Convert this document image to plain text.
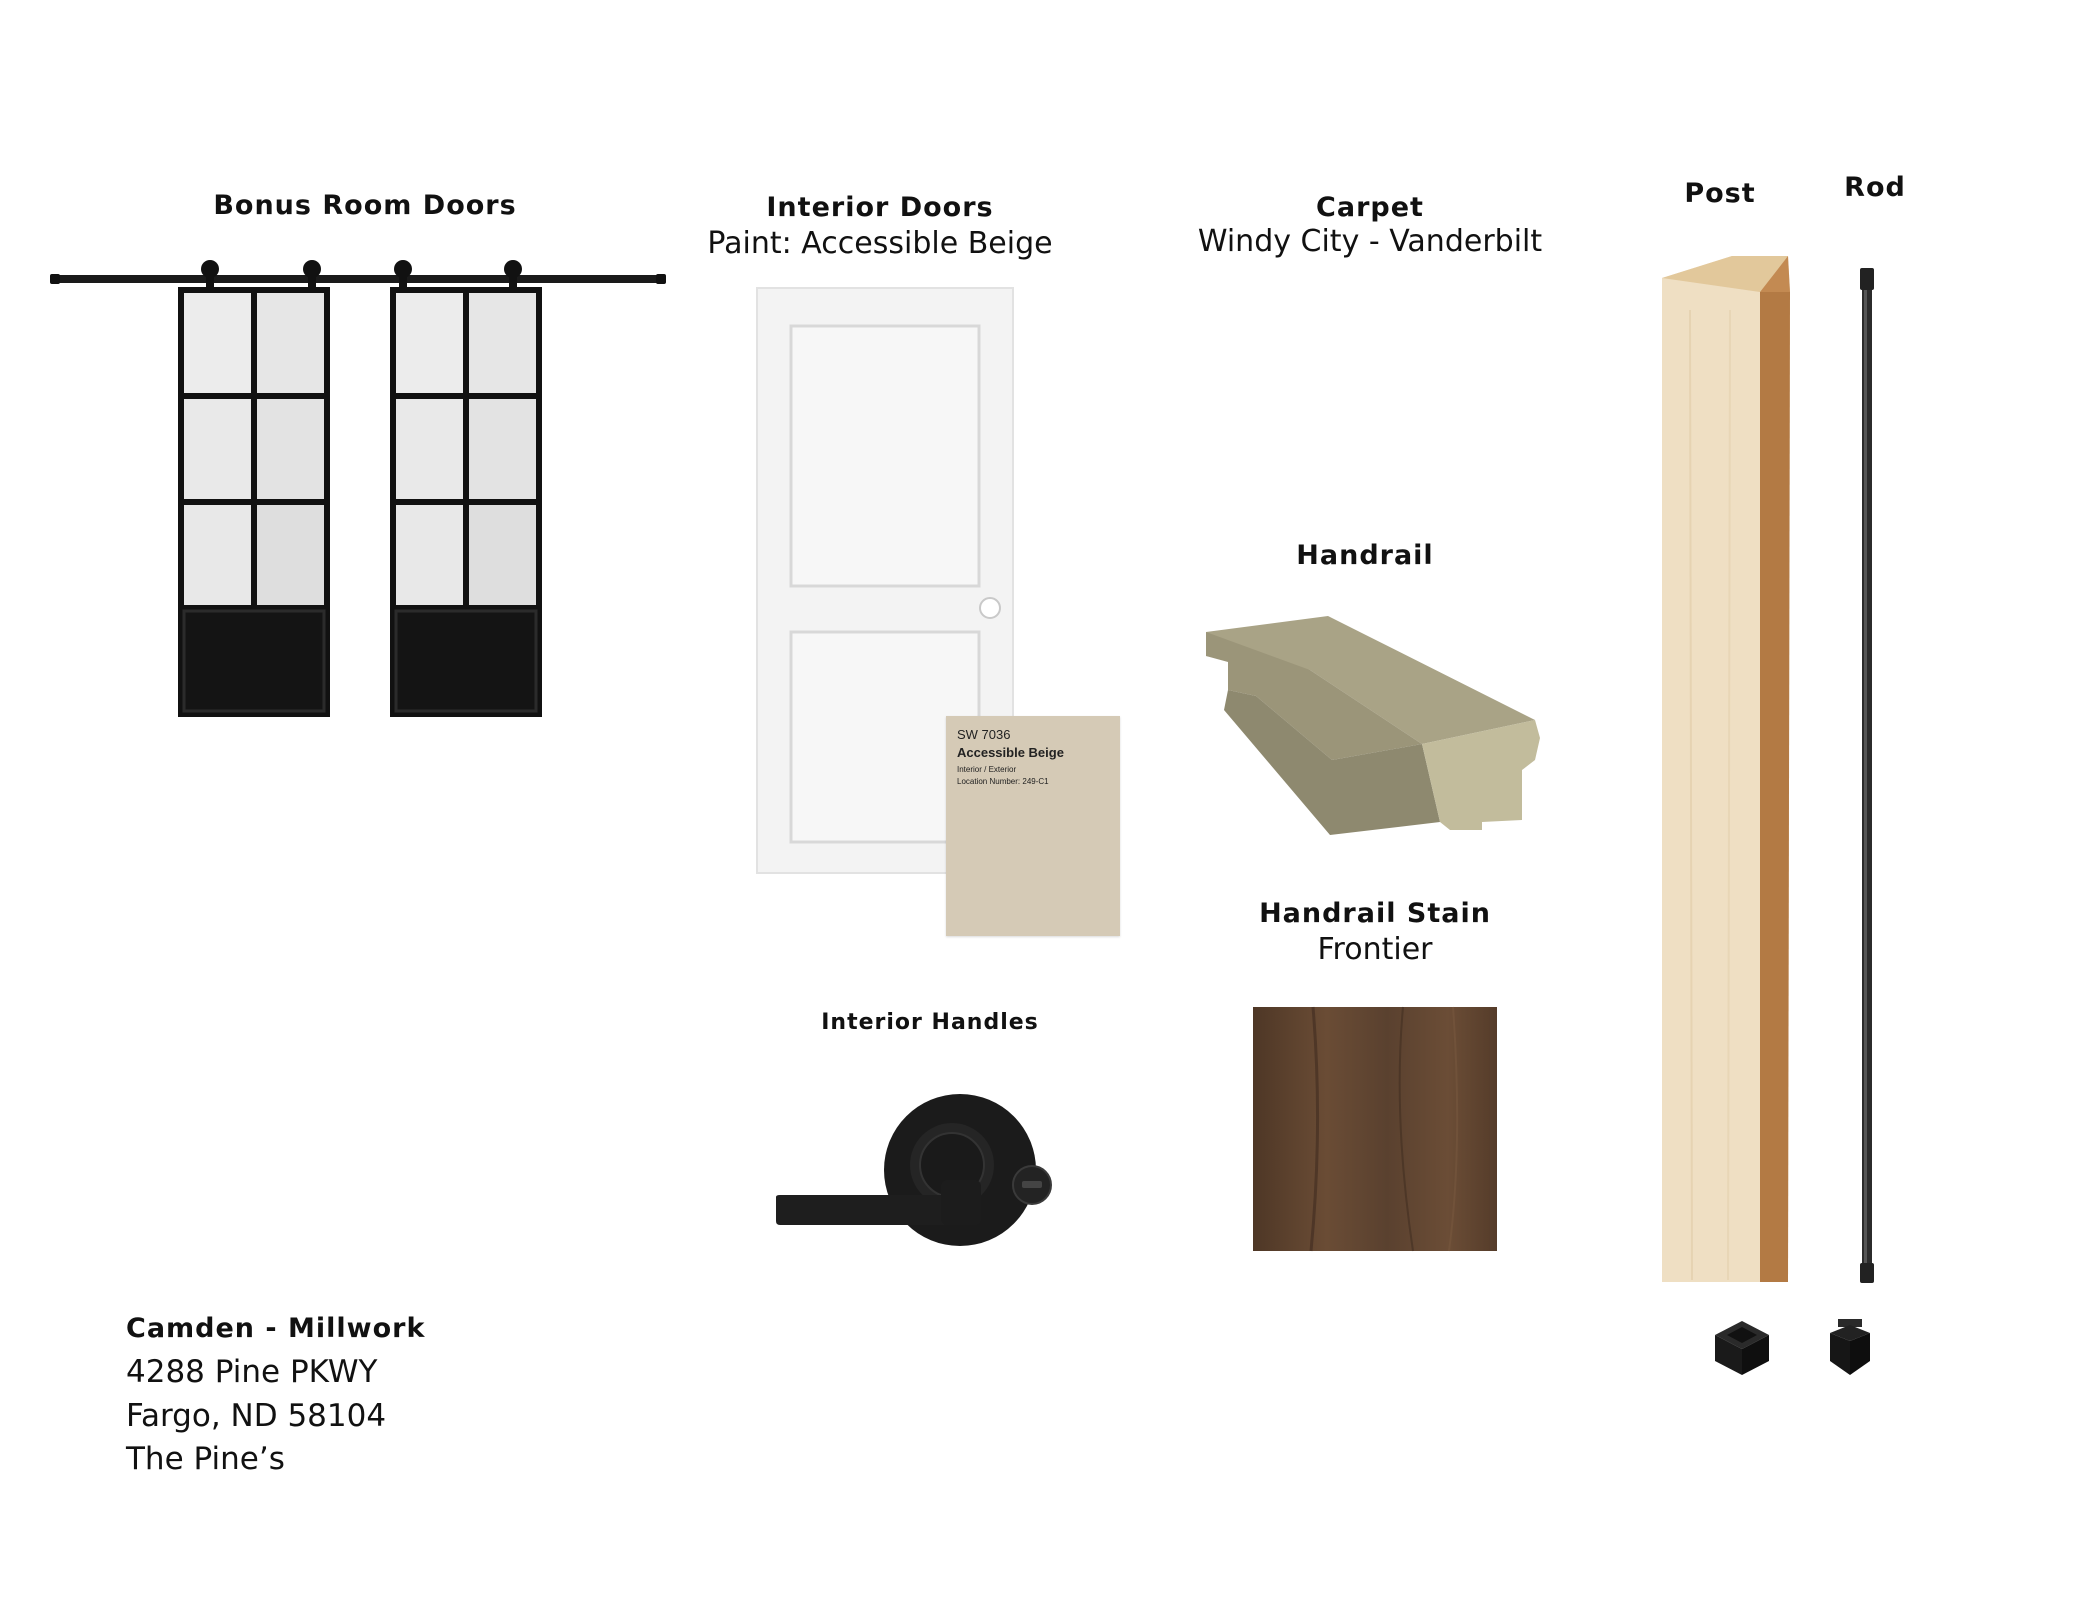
Bonus Room Doors	Interior Doors
Paint: Accessible Beige
SW 7036
Accessible Beige
Interior / Exterior
Location Number: 249-C1
Interior Handles
Carpet
Windy City - Vanderbilt
Handrail
Handrail Stain
Frontier
Post	Rod
Camden - Millwork
4288 Pine PKWY
Fargo, ND 58104
The Pine’s
